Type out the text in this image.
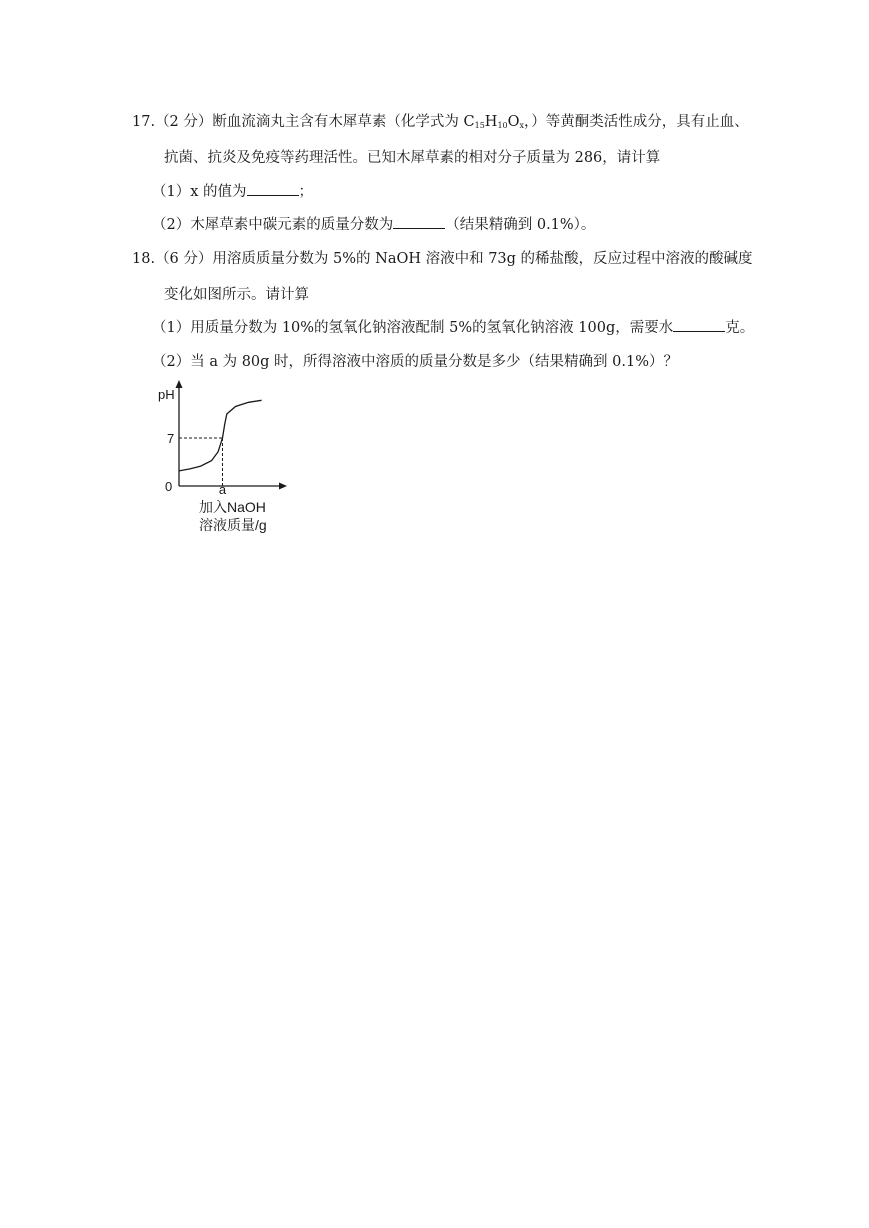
17.（2 分）断血流滴丸主含有木犀草素（化学式为 $C_{15}H_{10}O_x$，）等黄酮类活性成分，具有止血、
抗菌、抗炎及免疫等药理活性。已知木犀草素的相对分子质量为 286，请计算
（1）x 的值为	；
（2）木犀草素中碳元素的质量分数为	（结果精确到 0.1%）。
18.（6 分）用溶质质量分数为 5%的 NaOH 溶液中和 73g 的稀盐酸，反应过程中溶液的酸碱度
变化如图所示。请计算
（1）用质量分数为 10%的氢氧化钠溶液配制 5%的氢氧化钠溶液 100g，需要水	克。
（2）当 a 为 80g 时，所得溶液中溶质的质量分数是多少（结果精确到 0.1%）？
pH
7
0	a
加入NaOH
溶液质量/g
